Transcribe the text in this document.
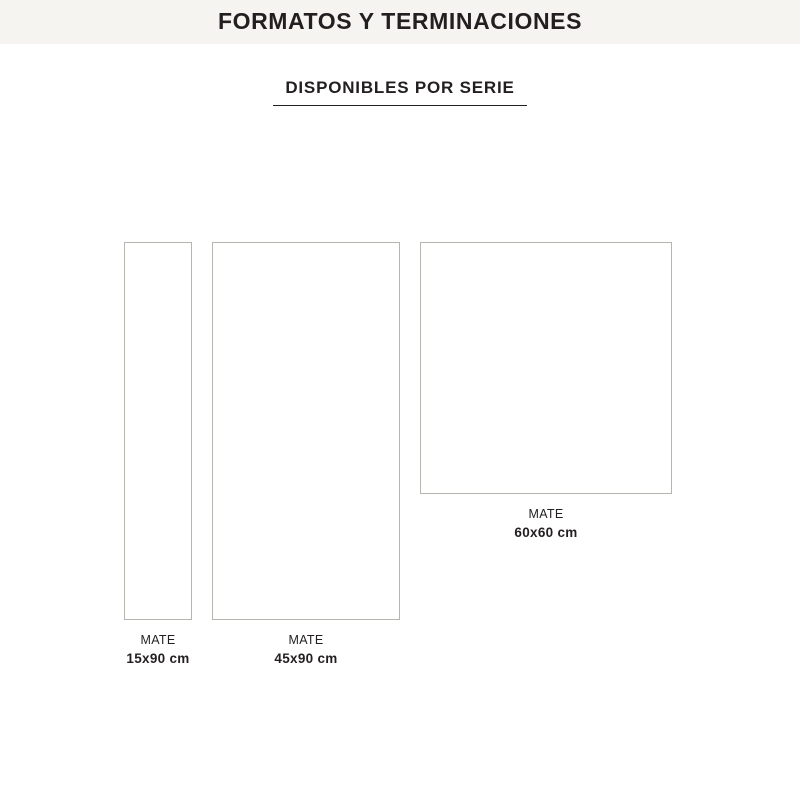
FORMATOS Y TERMINACIONES
DISPONIBLES POR SERIE
MATE
15x90 cm
MATE
45x90 cm
MATE
60x60 cm
